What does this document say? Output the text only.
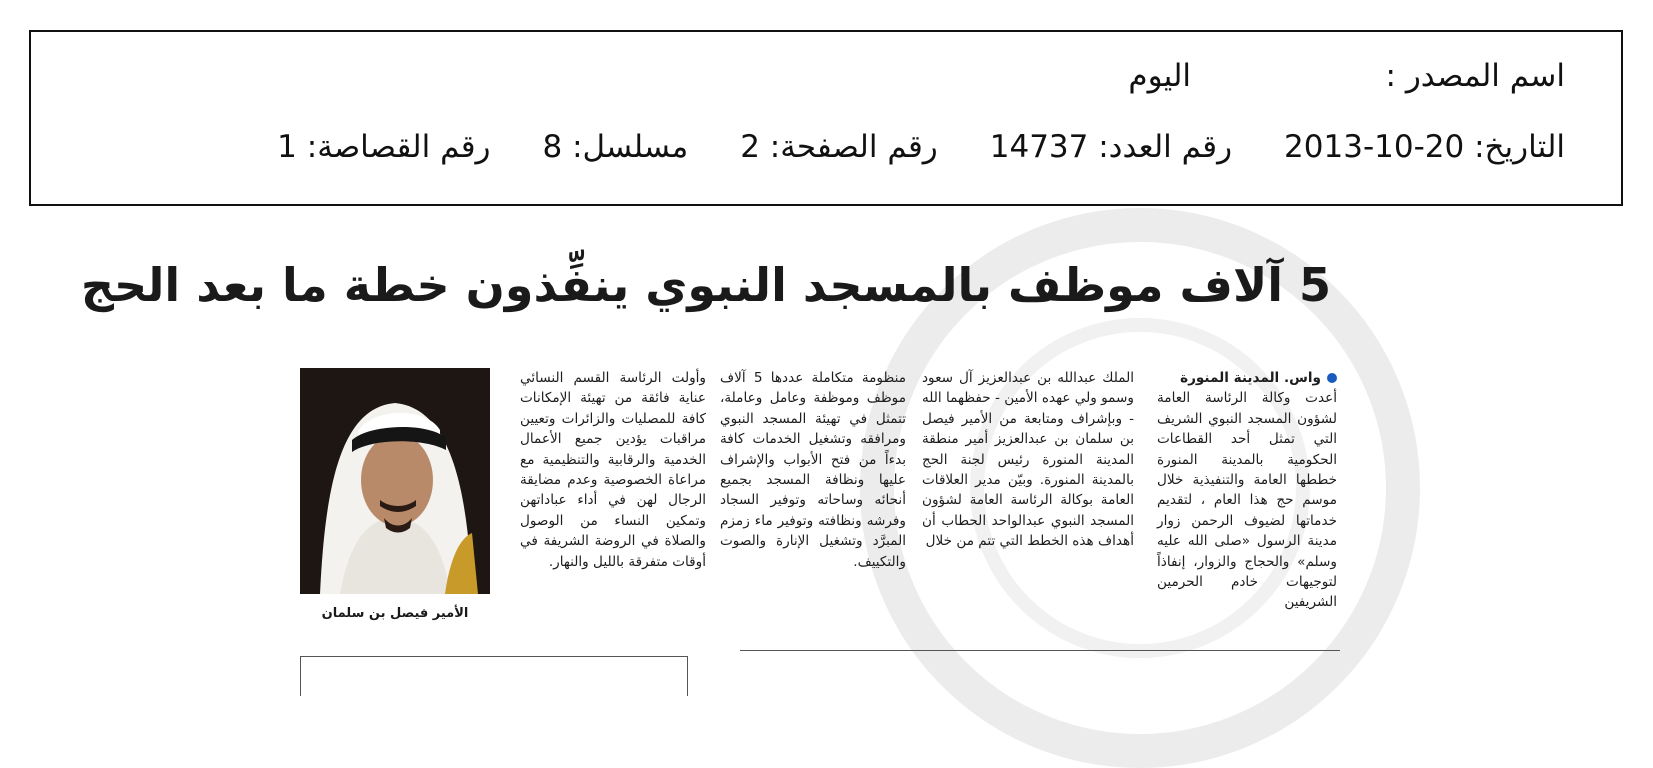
اسم المصدر :
اليوم
التاريخ: 20-10-2013
رقم العدد: 14737
رقم الصفحة: 2
مسلسل: 8
رقم القصاصة: 1
5 آلاف موظف بالمسجد النبوي ينفِّذون خطة ما بعد الحج
واس. المدينة المنورة
أعدت وكالة الرئاسة العامة لشؤون المسجد النبوي الشريف التي تمثل أحد القطاعات الحكومية بالمدينة المنورة خططها العامة والتنفيذية خلال موسم حج هذا العام ، لتقديم خدماتها لضيوف الرحمن زوار مدينة الرسول «صلى الله عليه وسلم» والحجاج والزوار، إنفاذاً لتوجيهات خادم الحرمين الشريفين
الملك عبدالله بن عبدالعزيز آل سعود وسمو ولي عهده الأمين - حفظهما الله - وبإشراف ومتابعة من الأمير فيصل بن سلمان بن عبدالعزيز أمير منطقة المدينة المنورة رئيس لجنة الحج بالمدينة المنورة. وبيّن مدير العلاقات العامة بوكالة الرئاسة العامة لشؤون المسجد النبوي عبدالواحد الحطاب أن أهداف هذه الخطط التي تتم من خلال
منظومة متكاملة عددها 5 آلاف موظف وموظفة وعامل وعاملة، تتمثل في تهيئة المسجد النبوي ومرافقه وتشغيل الخدمات كافة بدءاً من فتح الأبواب والإشراف عليها ونظافة المسجد بجميع أنحائه وساحاته وتوفير السجاد وفرشه ونظافته وتوفير ماء زمزم المبرَّد وتشغيل الإنارة والصوت والتكييف.
وأولت الرئاسة القسم النسائي عناية فائقة من تهيئة الإمكانات كافة للمصليات والزائرات وتعيين مراقبات يؤدين جميع الأعمال الخدمية والرقابية والتنظيمية مع مراعاة الخصوصية وعدم مضايقة الرجال لهن في أداء عباداتهن وتمكين النساء من الوصول والصلاة في الروضة الشريفة في أوقات متفرقة بالليل والنهار.
الأمير فيصل بن سلمان
